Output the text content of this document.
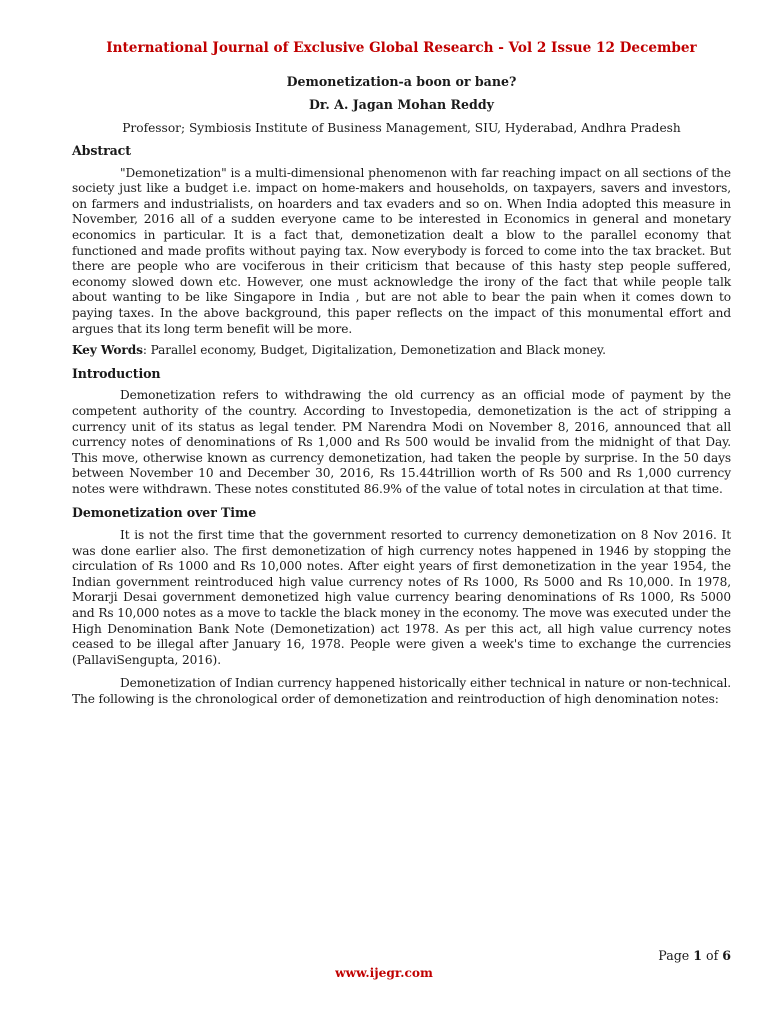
International Journal of Exclusive Global Research - Vol 2 Issue 12 December
Demonetization-a boon or bane?
Dr. A. Jagan Mohan Reddy
Professor; Symbiosis Institute of Business Management, SIU, Hyderabad, Andhra Pradesh
Abstract

"Demonetization" is a multi-dimensional phenomenon with far reaching impact on all sections of the society just like a budget i.e. impact on home-makers and households, on taxpayers, savers and investors, on farmers and industrialists, on hoarders and tax evaders and so on. When India adopted this measure in November, 2016 all of a sudden everyone came to be interested in Economics in general and monetary economics in particular. It is a fact that, demonetization dealt a blow to the parallel economy that functioned and made profits without paying tax. Now everybody is forced to come into the tax bracket. But there are people who are vociferous in their criticism that because of this hasty step people suffered, economy slowed down etc. However, one must acknowledge the irony of the fact that while people talk about wanting to be like Singapore in India , but are not able to bear the pain when it comes down to paying taxes. In the above background, this paper reflects on the impact of this monumental effort and argues that its long term benefit will be more.

Key Words: Parallel economy, Budget, Digitalization, Demonetization and Black money.

Introduction

Demonetization refers to withdrawing the old currency as an official mode of payment by the competent authority of the country. According to Investopedia, demonetization is the act of stripping a currency unit of its status as legal tender. PM Narendra Modi on November 8, 2016, announced that all currency notes of denominations of Rs 1,000 and Rs 500 would be invalid from the midnight of that Day. This move, otherwise known as currency demonetization, had taken the people by surprise. In the 50 days between November 10 and December 30, 2016, Rs 15.44trillion worth of Rs 500 and Rs 1,000 currency notes were withdrawn. These notes constituted 86.9% of the value of total notes in circulation at that time.

Demonetization over Time

It is not the first time that the government resorted to currency demonetization on 8 Nov 2016. It was done earlier also. The first demonetization of high currency notes happened in 1946 by stopping the circulation of Rs 1000 and Rs 10,000 notes. After eight years of first demonetization in the year 1954, the Indian government reintroduced high value currency notes of Rs 1000, Rs 5000 and Rs 10,000. In 1978, Morarji Desai government demonetized high value currency bearing denominations of Rs 1000, Rs 5000 and Rs 10,000 notes as a move to tackle the black money in the economy. The move was executed under the High Denomination Bank Note (Demonetization) act 1978. As per this act, all high value currency notes ceased to be illegal after January 16, 1978. People were given a week's time to exchange the currencies (PallaviSengupta, 2016).

Demonetization of Indian currency happened historically either technical in nature or non-technical. The following is the chronological order of demonetization and reintroduction of high denomination notes:

Page 1 of 6
www.ijegr.com
